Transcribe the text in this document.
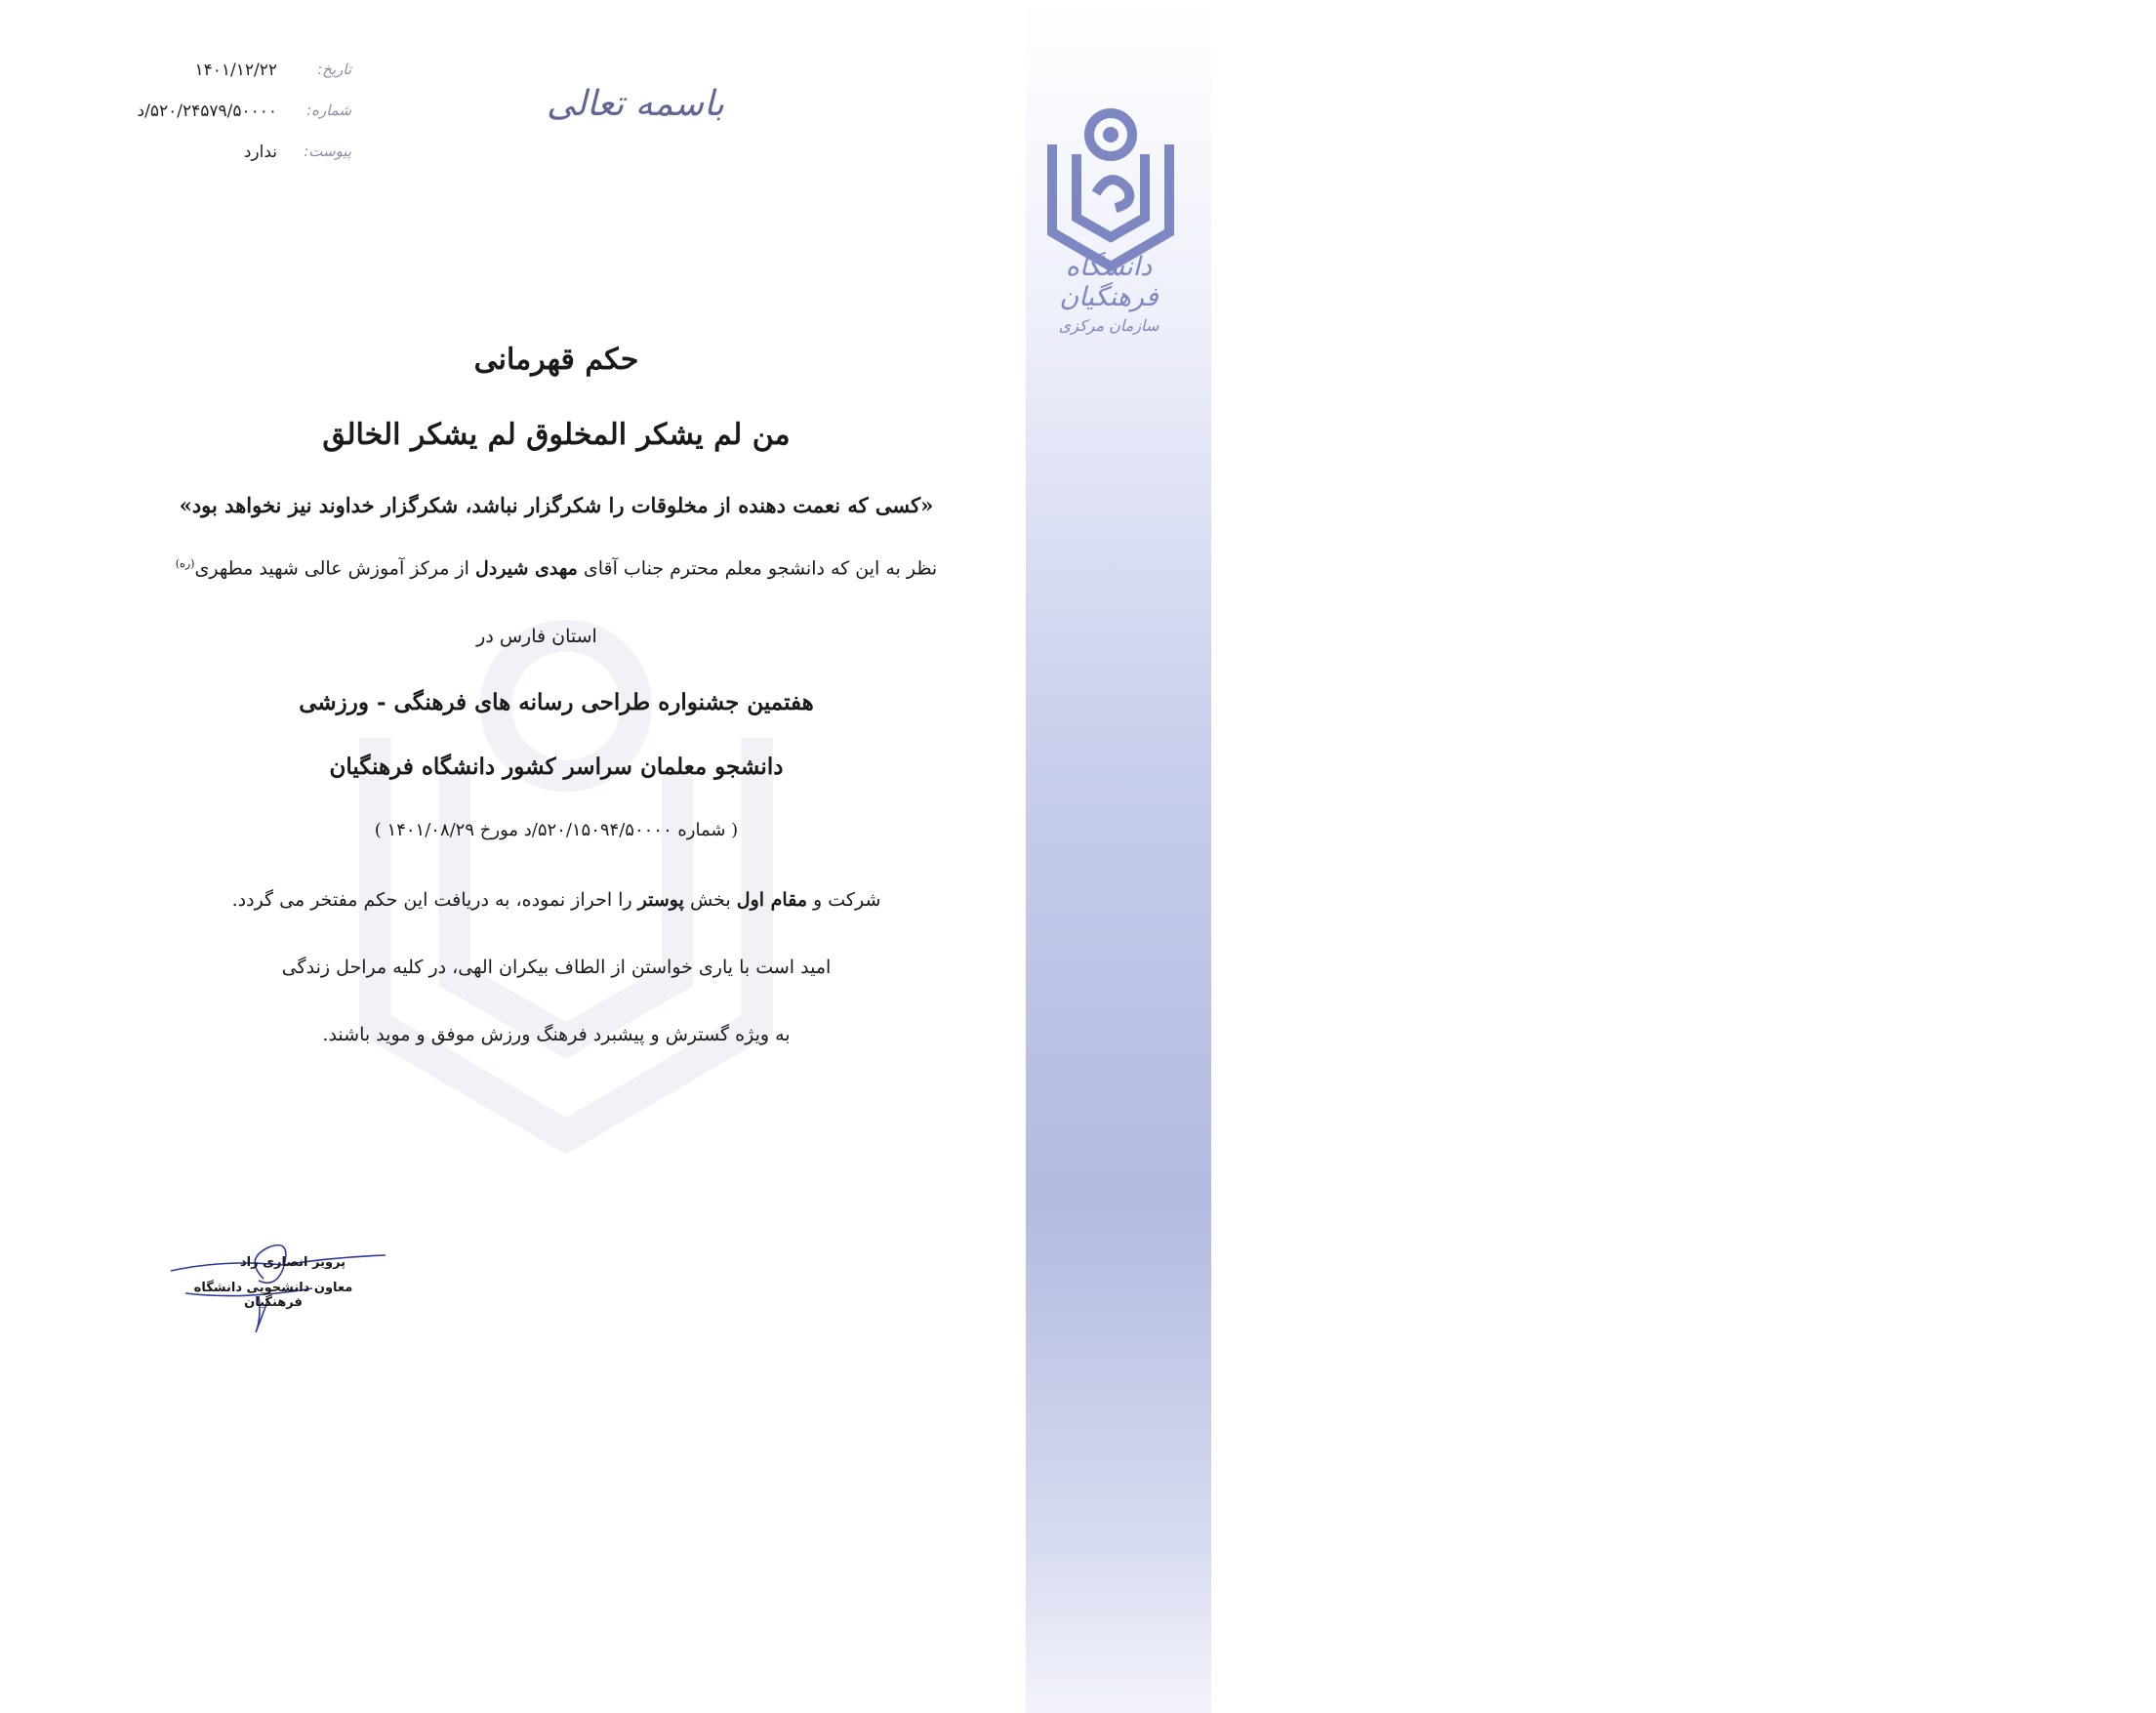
دانشگاه فرهنگیان
سازمان مرکزی
نشانی: شهرک قدس، بلوار شهید فرحزادی، خیابان تربیت معلم، دانشگاه فرهنگیان تلفن: ۸۸۶۹۸۸۶۴ - ۸۸۶۹۸۸۶۴ نمابر: ۸۸۶۹۸۸۶۴ - کد پستی: ۱۹۹۸۹۶۳۳۴۱
www.cfu.ac.ir
باسمه تعالی
تاریخ:
۱۴۰۱/۱۲/۲۲
شماره:
۵۲۰/۲۴۵۷۹/۵۰۰۰۰/د
پیوست:
ندارد
حکم قهرمانی
من لم یشکر المخلوق لم یشکر الخالق
«کسی که نعمت دهنده از مخلوقات را شکرگزار نباشد، شکرگزار خداوند نیز نخواهد بود»
نظر به این که دانشجو معلم محترم جناب آقای مهدی شیردل از مرکز آموزش عالی شهید مطهری$^{(ره)}$
استان فارس در
هفتمین جشنواره طراحی رسانه های فرهنگی - ورزشی
دانشجو معلمان سراسر کشور دانشگاه فرهنگیان
( شماره ۵۲۰/۱۵۰۹۴/۵۰۰۰۰/د مورخ ۱۴۰۱/۰۸/۲۹ )
شرکت و مقام اول بخش پوستر را احراز نموده، به دریافت این حکم مفتخر می گردد.
امید است با یاری خواستن از الطاف بیکران الهی، در کلیه مراحل زندگی
به ویژه گسترش و پیشبرد فرهنگ ورزش موفق و موید باشند.
پرویز انصاری راد
معاون دانشجویی دانشگاه فرهنگیان
